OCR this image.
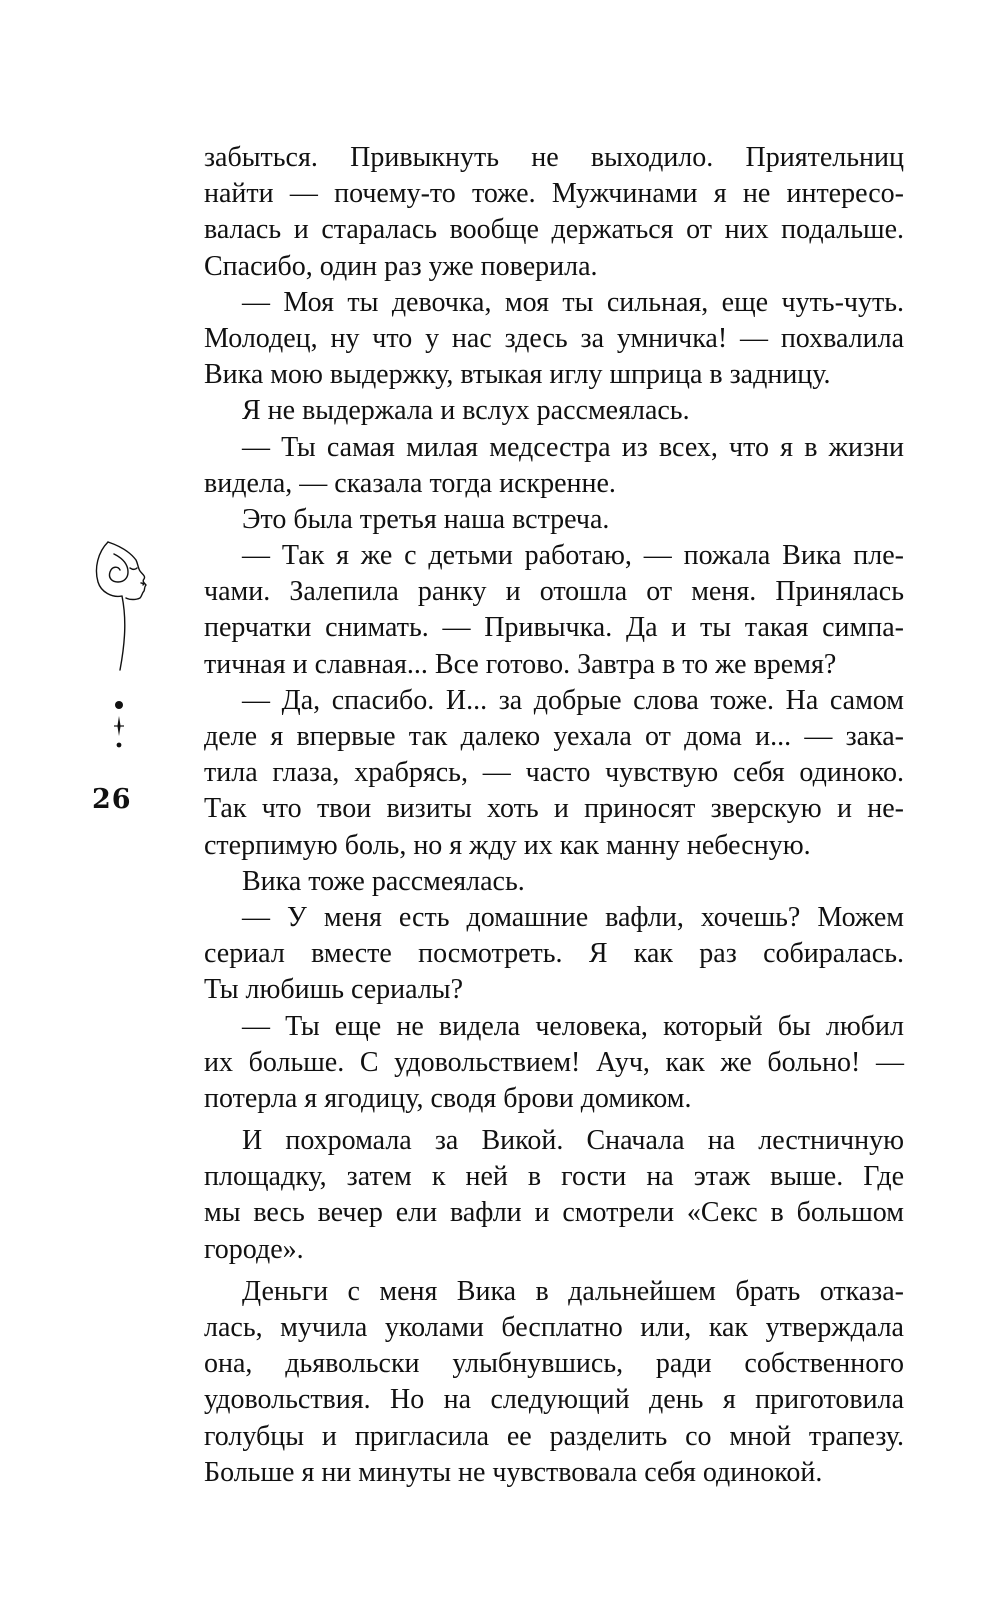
забыться. Привыкнуть не выходило. Приятельниц
найти — почему-то тоже. Мужчинами я не интересо-
валась и старалась вообще держаться от них подальше.
Спасибо, один раз уже поверила.
— Моя ты девочка, моя ты сильная, еще чуть-чуть.
Молодец, ну что у нас здесь за умничка! — похвалила
Вика мою выдержку, втыкая иглу шприца в задницу.
Я не выдержала и вслух рассмеялась.
— Ты самая милая медсестра из всех, что я в жизни
видела, — сказала тогда искренне.
Это была третья наша встреча.
— Так я же с детьми работаю, — пожала Вика пле-
чами. Залепила ранку и отошла от меня. Принялась
перчатки снимать. — Привычка. Да и ты такая симпа-
тичная и славная... Все готово. Завтра в то же время?
— Да, спасибо. И... за добрые слова тоже. На самом
деле я впервые так далеко уехала от дома и... — зака-
тила глаза, храбрясь, — часто чувствую себя одиноко.
Так что твои визиты хоть и приносят зверскую и не-
стерпимую боль, но я жду их как манну небесную.
Вика тоже рассмеялась.
— У меня есть домашние вафли, хочешь? Можем
сериал вместе посмотреть. Я как раз собиралась.
Ты любишь сериалы?
— Ты еще не видела человека, который бы любил
их больше. С удовольствием! Ауч, как же больно! —
потерла я ягодицу, сводя брови домиком.
И похромала за Викой. Сначала на лестничную
площадку, затем к ней в гости на этаж выше. Где
мы весь вечер ели вафли и смотрели «Секс в большом
городе».
Деньги с меня Вика в дальнейшем брать отказа-
лась, мучила уколами бесплатно или, как утверждала
она, дьявольски улыбнувшись, ради собственного
удовольствия. Но на следующий день я приготовила
голубцы и пригласила ее разделить со мной трапезу.
Больше я ни минуты не чувствовала себя одинокой.
26
